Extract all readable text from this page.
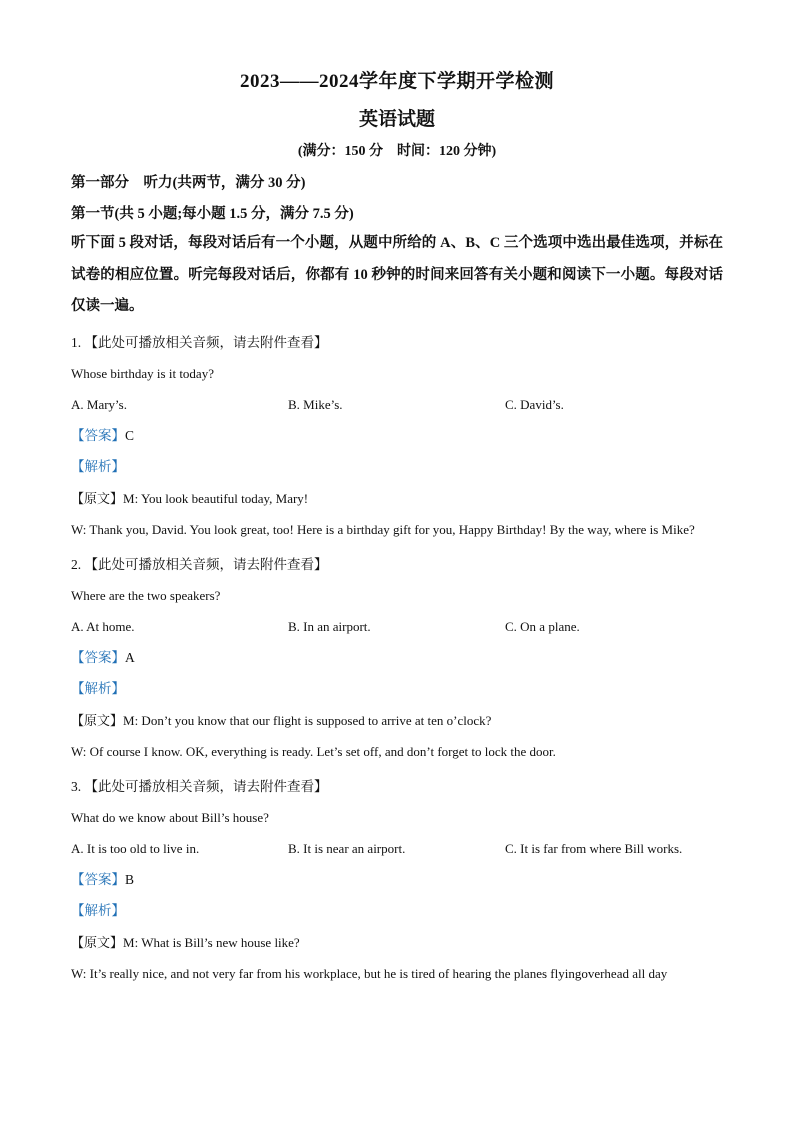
2023——2024学年度下学期开学检测
英语试题
(满分：150 分　时间：120 分钟)
第一部分　听力(共两节，满分 30 分)
第一节(共 5 小题;每小题 1.5 分，满分 7.5 分)
听下面 5 段对话，每段对话后有一个小题，从题中所给的 A、B、C 三个选项中选出最佳选项，并标在试卷的相应位置。听完每段对话后，你都有 10 秒钟的时间来回答有关小题和阅读下一小题。每段对话仅读一遍。
1. 【此处可播放相关音频，请去附件查看】
Whose birthday is it today?
A. Mary’s.	B. Mike’s.	C. David’s.
【答案】C
【解析】

【原文】M: You look beautiful today, Mary!

W: Thank you, David. You look great, too! Here is a birthday gift for you, Happy Birthday! By the way, where is Mike?

2. 【此处可播放相关音频，请去附件查看】
Where are the two speakers?
A. At home.	B. In an airport.	C. On a plane.
【答案】A
【解析】

【原文】M: Don’t you know that our flight is supposed to arrive at ten o’clock?

W: Of course I know. OK, everything is ready. Let’s set off, and don’t forget to lock the door.

3. 【此处可播放相关音频，请去附件查看】
What do we know about Bill’s house?
A. It is too old to live in.	B. It is near an airport.	C. It is far from where Bill works.
【答案】B
【解析】

【原文】M: What is Bill’s new house like?

W: It’s really nice, and not very far from his workplace, but he is tired of hearing the planes flyingoverhead all day
